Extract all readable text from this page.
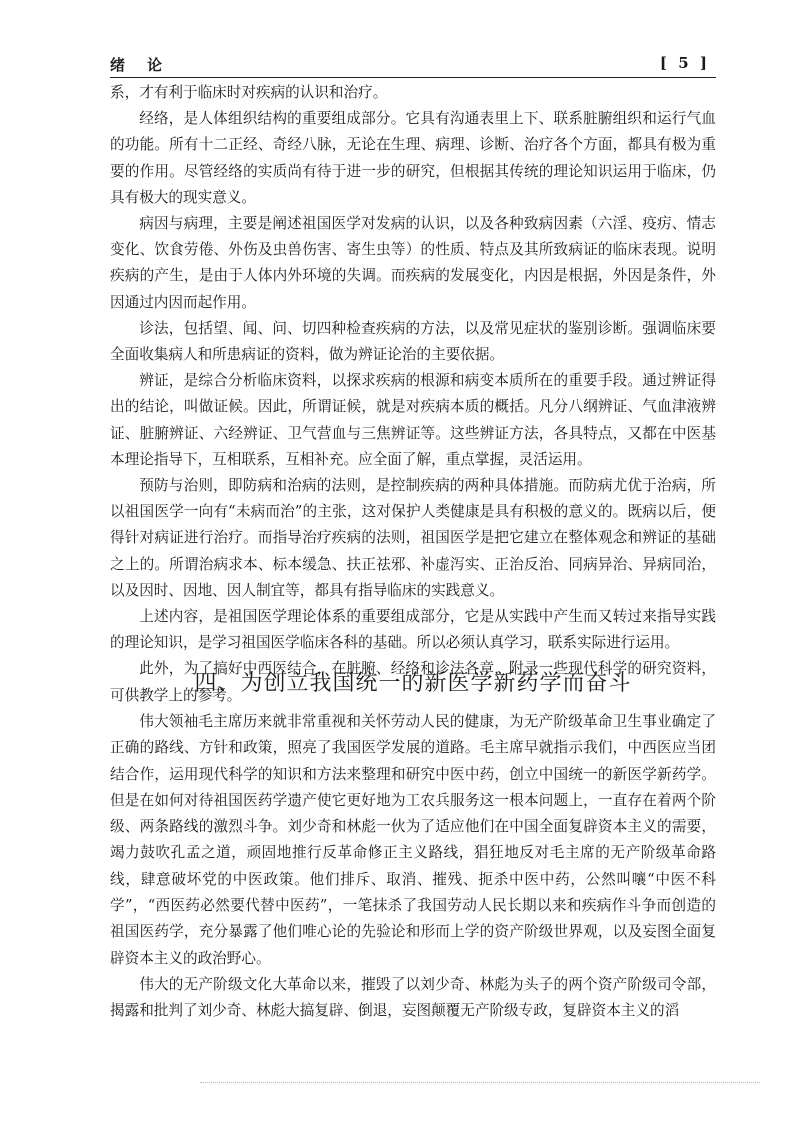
绪论	[ 5 ]

系，才有利于临床时对疾病的认识和治疗。

经络，是人体组织结构的重要组成部分。它具有沟通表里上下、联系脏腑组织和运行气血的功能。所有十二正经、奇经八脉，无论在生理、病理、诊断、治疗各个方面，都具有极为重要的作用。尽管经络的实质尚有待于进一步的研究，但根据其传统的理论知识运用于临床，仍具有极大的现实意义。

病因与病理，主要是阐述祖国医学对发病的认识，以及各种致病因素（六淫、疫疠、情志变化、饮食劳倦、外伤及虫兽伤害、寄生虫等）的性质、特点及其所致病证的临床表现。说明疾病的产生，是由于人体内外环境的失调。而疾病的发展变化，内因是根据，外因是条件，外因通过内因而起作用。

诊法，包括望、闻、问、切四种检查疾病的方法，以及常见症状的鉴别诊断。强调临床要全面收集病人和所患病证的资料，做为辨证论治的主要依据。

辨证，是综合分析临床资料，以探求疾病的根源和病变本质所在的重要手段。通过辨证得出的结论，叫做证候。因此，所谓证候，就是对疾病本质的概括。凡分八纲辨证、气血津液辨证、脏腑辨证、六经辨证、卫气营血与三焦辨证等。这些辨证方法，各具特点，又都在中医基本理论指导下，互相联系，互相补充。应全面了解，重点掌握，灵活运用。

预防与治则，即防病和治病的法则，是控制疾病的两种具体措施。而防病尤优于治病，所以祖国医学一向有“未病而治”的主张，这对保护人类健康是具有积极的意义的。既病以后，便得针对病证进行治疗。而指导治疗疾病的法则，祖国医学是把它建立在整体观念和辨证的基础之上的。所谓治病求本、标本缓急、扶正祛邪、补虚泻实、正治反治、同病异治、异病同治，以及因时、因地、因人制宜等，都具有指导临床的实践意义。

上述内容，是祖国医学理论体系的重要组成部分，它是从实践中产生而又转过来指导实践的理论知识，是学习祖国医学临床各科的基础。所以必须认真学习，联系实际进行运用。

此外，为了搞好中西医结合，在脏腑、经络和诊法各章，附录一些现代科学的研究资料，可供教学上的参考。

四、为创立我国统一的新医学新药学而奋斗

伟大领袖毛主席历来就非常重视和关怀劳动人民的健康，为无产阶级革命卫生事业确定了正确的路线、方针和政策，照亮了我国医学发展的道路。毛主席早就指示我们，中西医应当团结合作，运用现代科学的知识和方法来整理和研究中医中药，创立中国统一的新医学新药学。但是在如何对待祖国医药学遗产使它更好地为工农兵服务这一根本问题上，一直存在着两个阶级、两条路线的激烈斗争。刘少奇和林彪一伙为了适应他们在中国全面复辟资本主义的需要，竭力鼓吹孔孟之道，顽固地推行反革命修正主义路线，猖狂地反对毛主席的无产阶级革命路线，肆意破坏党的中医政策。他们排斥、取消、摧残、扼杀中医中药，公然叫嚷“中医不科学”，“西医药必然要代替中医药”，一笔抹杀了我国劳动人民长期以来和疾病作斗争而创造的祖国医药学，充分暴露了他们唯心论的先验论和形而上学的资产阶级世界观，以及妄图全面复辟资本主义的政治野心。

伟大的无产阶级文化大革命以来，摧毁了以刘少奇、林彪为头子的两个资产阶级司令部，揭露和批判了刘少奇、林彪大搞复辟、倒退，妄图颠覆无产阶级专政，复辟资本主义的滔
